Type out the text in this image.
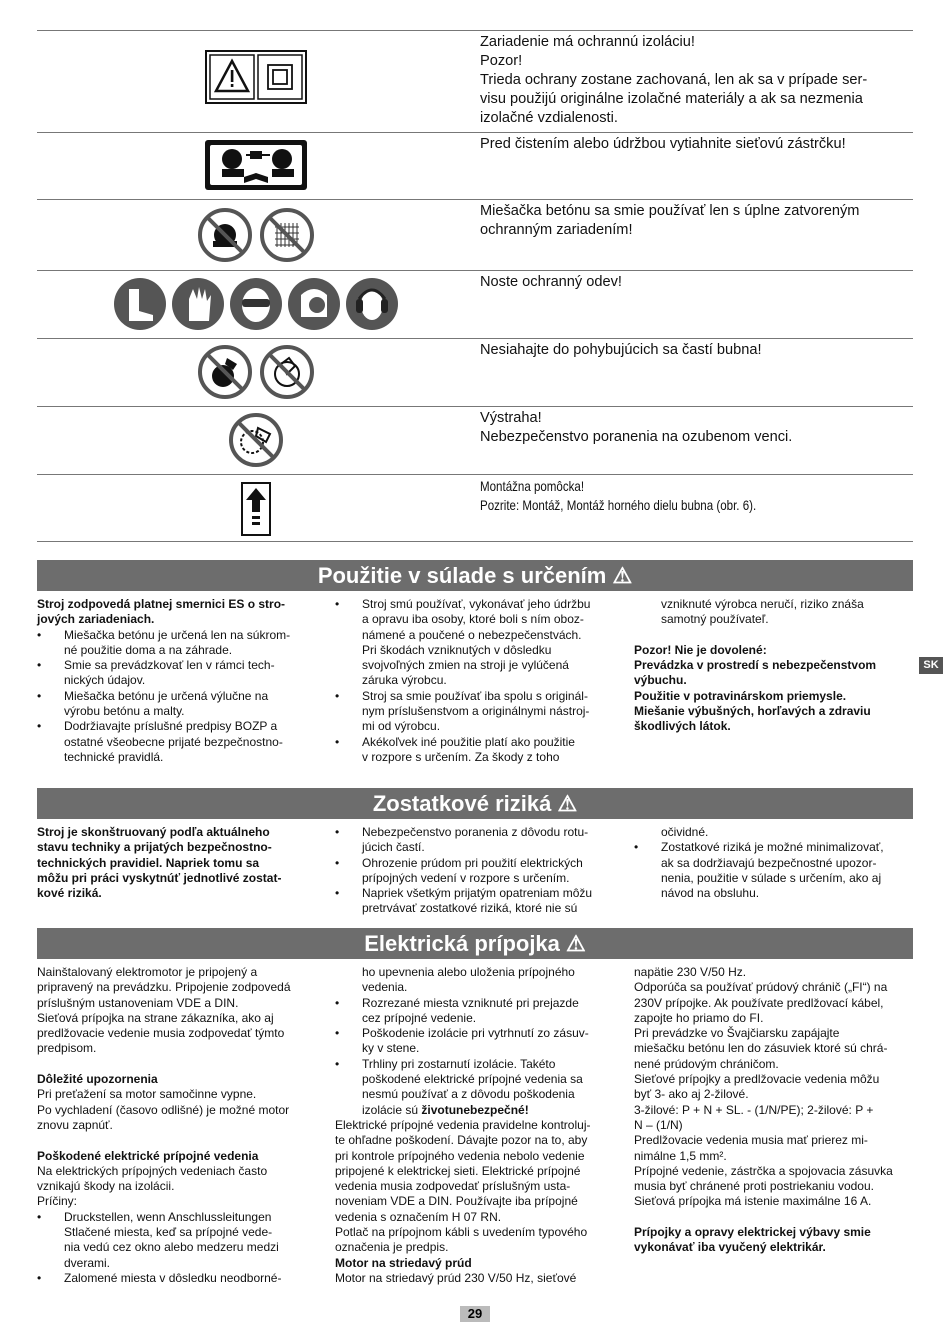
Zariadenie má ochrannú izoláciu!
Pozor!
Trieda ochrany zostane zachovaná, len ak sa v prípade ser-
visu použijú originálne izolačné materiály a ak sa nezmenia
izolačné vzdialenosti.
Pred čistením alebo údržbou vytiahnite sieťovú zástrčku!
Miešačka betónu sa smie používať len s úplne zatvoreným
ochranným zariadením!
Noste ochranný odev!
Nesiahajte do pohybujúcich sa častí bubna!
Výstraha!
Nebezpečenstvo poranenia na ozubenom venci.
Montážna pomôcka!
Pozrite: Montáž, Montáž horného dielu bubna (obr. 6).
Použitie v súlade s určením ⚠

Stroj zodpovedá platnej smernici ES o stro-

jových zariadeniach.

• Miešačka betónu je určená len na súkrom-

né použitie doma a na záhrade.

• Smie sa prevádzkovať len v rámci tech-

nických údajov.

• Miešačka betónu je určená výlučne na

výrobu betónu a malty.

• Dodržiavajte príslušné predpisy BOZP a

ostatné všeobecne prijaté bezpečnostno-

technické pravidlá.

• Stroj smú používať, vykonávať jeho údržbu

a opravu iba osoby, ktoré boli s ním oboz-

námené a poučené o nebezpečenstvách.

Pri škodách vzniknutých v dôsledku

svojvoľných zmien na stroji je vylúčená

záruka výrobcu.

• Stroj sa smie používať iba spolu s originál-

nym príslušenstvom a originálnymi nástroj-

mi od výrobcu.

• Akékoľvek iné použitie platí ako použitie

v rozpore s určením. Za škody z toho

vzniknuté výrobca neručí, riziko znáša

samotný používateľ.

Pozor! Nie je dovolené:

Prevádzka v prostredí s nebezpečenstvom

výbuchu.

Použitie v potravinárskom priemysle.

Miešanie výbušných, horľavých a zdraviu

škodlivých látok.

SK
Zostatkové riziká ⚠

Stroj je skonštruovaný podľa aktuálneho

stavu techniky a prijatých bezpečnostno-

technických pravidiel. Napriek tomu sa

môžu pri práci vyskytnúť jednotlivé zostat-

kové riziká.

• Nebezpečenstvo poranenia z dôvodu rotu-

júcich častí.

• Ohrozenie prúdom pri použití elektrických

prípojných vedení v rozpore s určením.

• Napriek všetkým prijatým opatreniam môžu

pretrvávať zostatkové riziká, ktoré nie sú

očividné.

• Zostatkové riziká je možné minimalizovať,

ak sa dodržiavajú bezpečnostné upozor-

nenia, použitie v súlade s určením, ako aj

návod na obsluhu.

Elektrická prípojka ⚠

Nainštalovaný elektromotor je pripojený a

pripravený na prevádzku. Pripojenie zodpovedá

príslušným ustanoveniam VDE a DIN.

Sieťová prípojka na strane zákazníka, ako aj

predlžovacie vedenie musia zodpovedať týmto

predpisom.

Dôležité upozornenia

Pri preťažení sa motor samočinne vypne.

Po vychladení (časovo odlišné) je možné motor

znovu zapnúť.

Poškodené elektrické prípojné vedenia

Na elektrických prípojných vedeniach často

vznikajú škody na izolácii.

Príčiny:

• Druckstellen, wenn Anschlussleitungen

Stlačené miesta, keď sa prípojné vede-

nia vedú cez okno alebo medzeru medzi

dverami.

• Zalomené miesta v dôsledku neodborné-

ho upevnenia alebo uloženia prípojného

vedenia.

• Rozrezané miesta vzniknuté pri prejazde

cez prípojné vedenie.

• Poškodenie izolácie pri vytrhnutí zo zásuv-

ky v stene.

• Trhliny pri zostarnutí izolácie. Takéto

poškodené elektrické prípojné vedenia sa

nesmú používať a z dôvodu poškodenia

izolácie sú životunebezpečné!

Elektrické prípojné vedenia pravidelne kontroluj-

te ohľadne poškodení. Dávajte pozor na to, aby

pri kontrole prípojného vedenia nebolo vedenie

pripojené k elektrickej sieti. Elektrické prípojné

vedenia musia zodpovedať príslušným usta-

noveniam VDE a DIN. Používajte iba prípojné

vedenia s označením H 07 RN.

Potlač na prípojnom kábli s uvedením typového

označenia je predpis.

Motor na striedavý prúd

Motor na striedavý prúd 230 V/50 Hz, sieťové

napätie 230 V/50 Hz.

Odporúča sa používať prúdový chránič („FI“) na

230V prípojke. Ak používate predlžovací kábel,

zapojte ho priamo do FI.

Pri prevádzke vo Švajčiarsku zapájajte

miešačku betónu len do zásuviek ktoré sú chrá-

nené prúdovým chráničom.

Sieťové prípojky a predlžovacie vedenia môžu

byť 3- ako aj 2-žilové.

3-žilové: P + N + SL. - (1/N/PE); 2-žilové: P +

N – (1/N)

Predlžovacie vedenia musia mať prierez mi-

nimálne 1,5 mm².

Prípojné vedenie, zástrčka a spojovacia zásuvka

musia byť chránené proti postriekaniu vodou.

Sieťová prípojka má istenie maximálne 16 A.

Prípojky a opravy elektrickej výbavy smie

vykonávať iba vyučený elektrikár.

29
